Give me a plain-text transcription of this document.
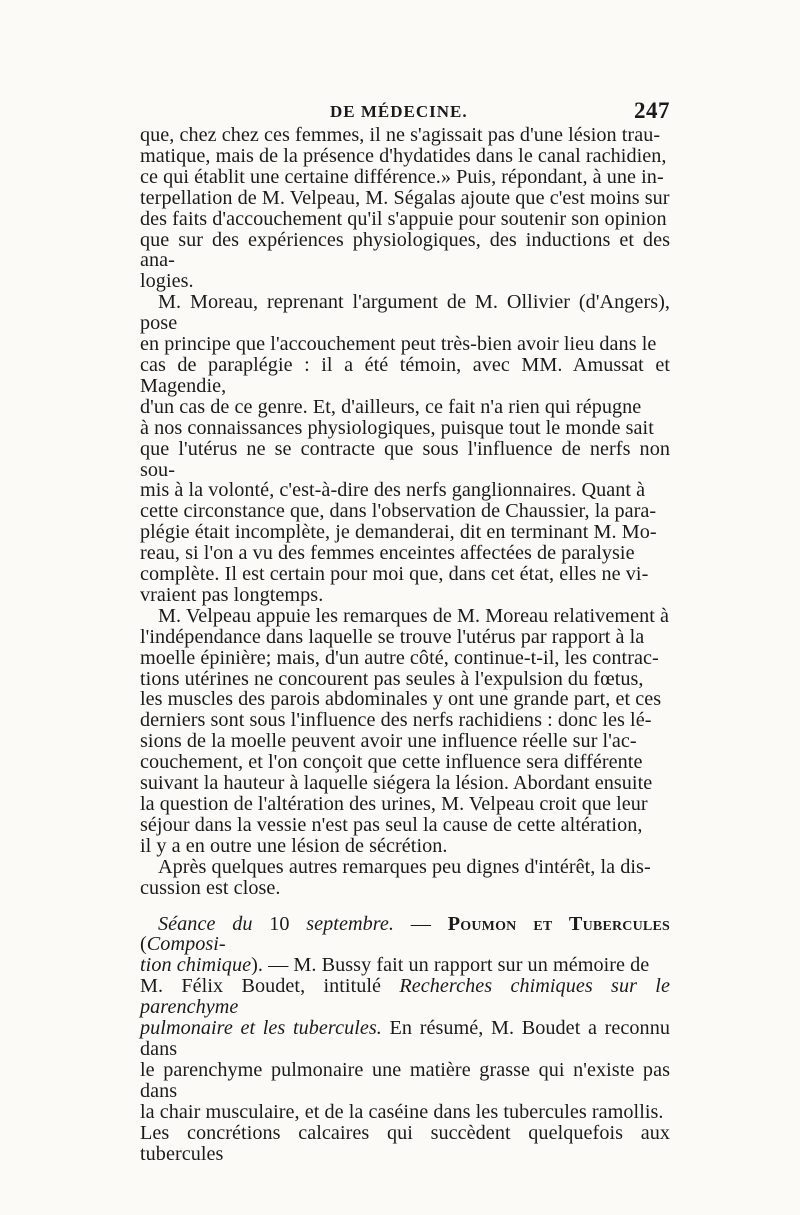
DE MÉDECINE.	247

que, chez chez ces femmes, il ne s'agissait pas d'une lésion trau-
matique, mais de la présence d'hydatides dans le canal rachidien,
ce qui établit une certaine différence.» Puis, répondant, à une in-
terpellation de M. Velpeau, M. Ségalas ajoute que c'est moins sur
des faits d'accouchement qu'il s'appuie pour soutenir son opinion
que sur des expériences physiologiques, des inductions et des ana-
logies.

M. Moreau, reprenant l'argument de M. Ollivier (d'Angers), pose
en principe que l'accouchement peut très-bien avoir lieu dans le
cas de paraplégie : il a été témoin, avec MM. Amussat et Magendie,
d'un cas de ce genre. Et, d'ailleurs, ce fait n'a rien qui répugne
à nos connaissances physiologiques, puisque tout le monde sait
que l'utérus ne se contracte que sous l'influence de nerfs non sou-
mis à la volonté, c'est-à-dire des nerfs ganglionnaires. Quant à
cette circonstance que, dans l'observation de Chaussier, la para-
plégie était incomplète, je demanderai, dit en terminant M. Mo-
reau, si l'on a vu des femmes enceintes affectées de paralysie
complète. Il est certain pour moi que, dans cet état, elles ne vi-
vraient pas longtemps.

M. Velpeau appuie les remarques de M. Moreau relativement à
l'indépendance dans laquelle se trouve l'utérus par rapport à la
moelle épinière; mais, d'un autre côté, continue-t-il, les contrac-
tions utérines ne concourent pas seules à l'expulsion du fœtus,
les muscles des parois abdominales y ont une grande part, et ces
derniers sont sous l'influence des nerfs rachidiens : donc les lé-
sions de la moelle peuvent avoir une influence réelle sur l'ac-
couchement, et l'on conçoit que cette influence sera différente
suivant la hauteur à laquelle siégera la lésion. Abordant ensuite
la question de l'altération des urines, M. Velpeau croit que leur
séjour dans la vessie n'est pas seul la cause de cette altération,
il y a en outre une lésion de sécrétion.

Après quelques autres remarques peu dignes d'intérêt, la dis-
cussion est close.

Séance du 10 septembre. — Poumon et Tubercules (Composi-
tion chimique). — M. Bussy fait un rapport sur un mémoire de
M. Félix Boudet, intitulé Recherches chimiques sur le parenchyme
pulmonaire et les tubercules. En résumé, M. Boudet a reconnu dans
le parenchyme pulmonaire une matière grasse qui n'existe pas dans
la chair musculaire, et de la caséine dans les tubercules ramollis.
Les concrétions calcaires qui succèdent quelquefois aux tubercules
